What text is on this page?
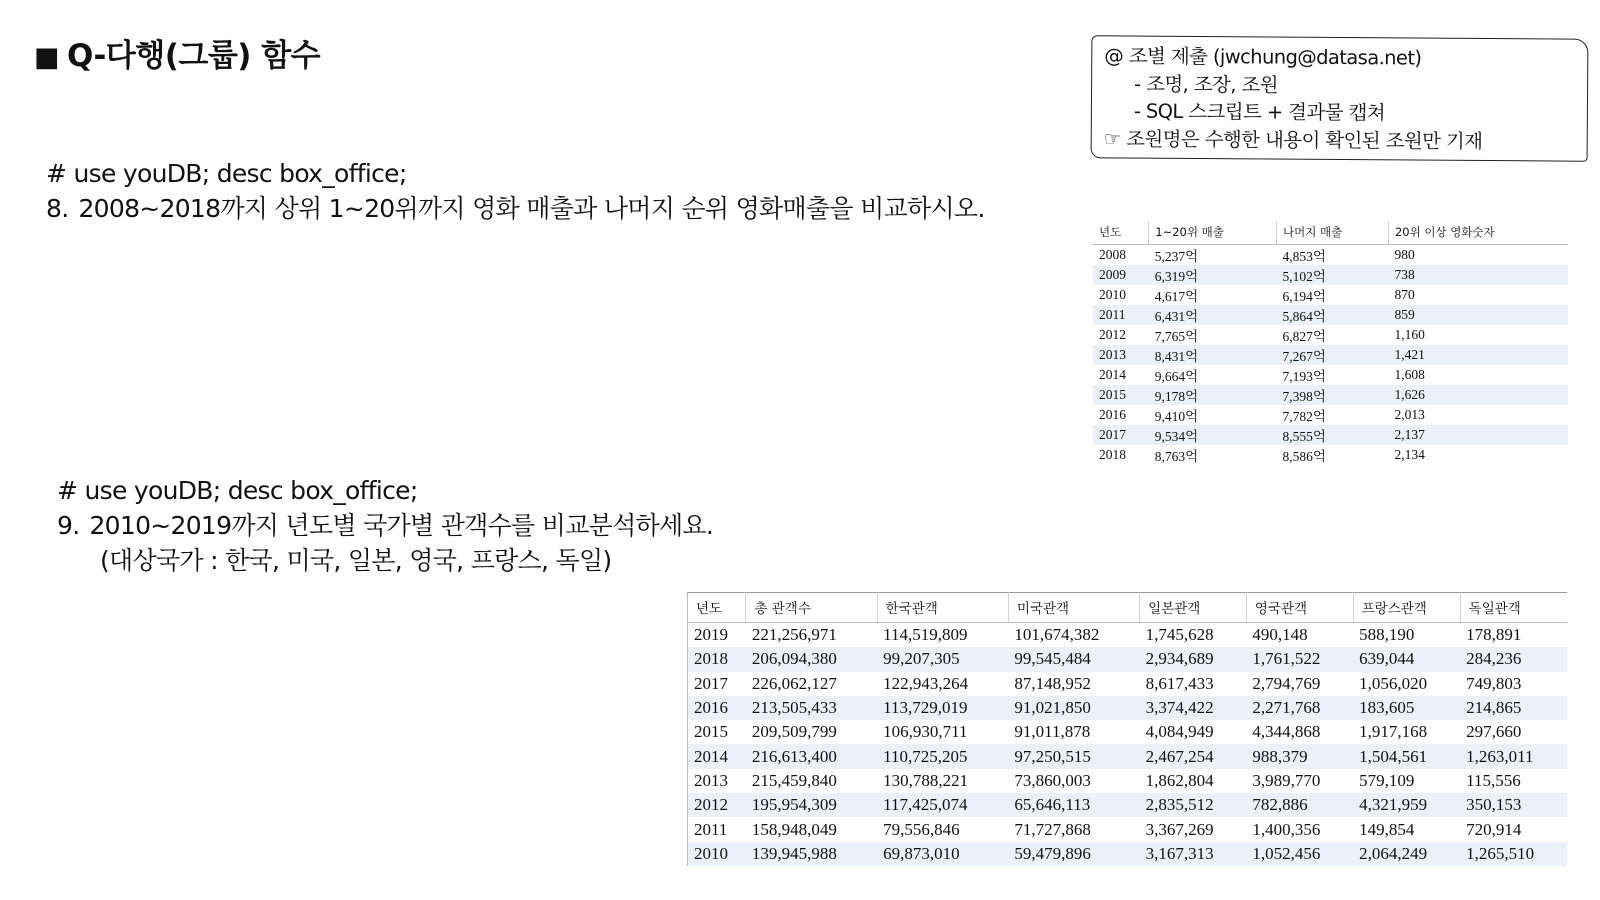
■ Q-다행(그룹) 함수	@ 조별 제출 (jwchung@datasa.net)
- 조명, 조장, 조원
- SQL 스크립트 + 결과물 캡쳐
☞ 조원명은 수행한 내용이 확인된 조원만 기재
# use youDB; desc box_office;
8. 2008~2018까지 상위 1~20위까지 영화 매출과 나머지 순위 영화매출을 비교하시오.
# use youDB; desc box_office;
9. 2010~2019까지 년도별 국가별 관객수를 비교분석하세요.
(대상국가 : 한국, 미국, 일본, 영국, 프랑스, 독일)
년도	1~20위 매출	나머지 매출	20위 이상 영화숫자
2008	5,237억	4,853억	980
2009	6,319억	5,102억	738
2010	4,617억	6,194억	870
2011	6,431억	5,864억	859
2012	7,765억	6,827억	1,160
2013	8,431억	7,267억	1,421
2014	9,664억	7,193억	1,608
2015	9,178억	7,398억	1,626
2016	9,410억	7,782억	2,013
2017	9,534억	8,555억	2,137
2018	8,763억	8,586억	2,134
년도	총 관객수	한국관객	미국관객	일본관객	영국관객	프랑스관객	독일관객
2019	221,256,971	114,519,809	101,674,382	1,745,628	490,148	588,190	178,891
2018	206,094,380	99,207,305	99,545,484	2,934,689	1,761,522	639,044	284,236
2017	226,062,127	122,943,264	87,148,952	8,617,433	2,794,769	1,056,020	749,803
2016	213,505,433	113,729,019	91,021,850	3,374,422	2,271,768	183,605	214,865
2015	209,509,799	106,930,711	91,011,878	4,084,949	4,344,868	1,917,168	297,660
2014	216,613,400	110,725,205	97,250,515	2,467,254	988,379	1,504,561	1,263,011
2013	215,459,840	130,788,221	73,860,003	1,862,804	3,989,770	579,109	115,556
2012	195,954,309	117,425,074	65,646,113	2,835,512	782,886	4,321,959	350,153
2011	158,948,049	79,556,846	71,727,868	3,367,269	1,400,356	149,854	720,914
2010	139,945,988	69,873,010	59,479,896	3,167,313	1,052,456	2,064,249	1,265,510
